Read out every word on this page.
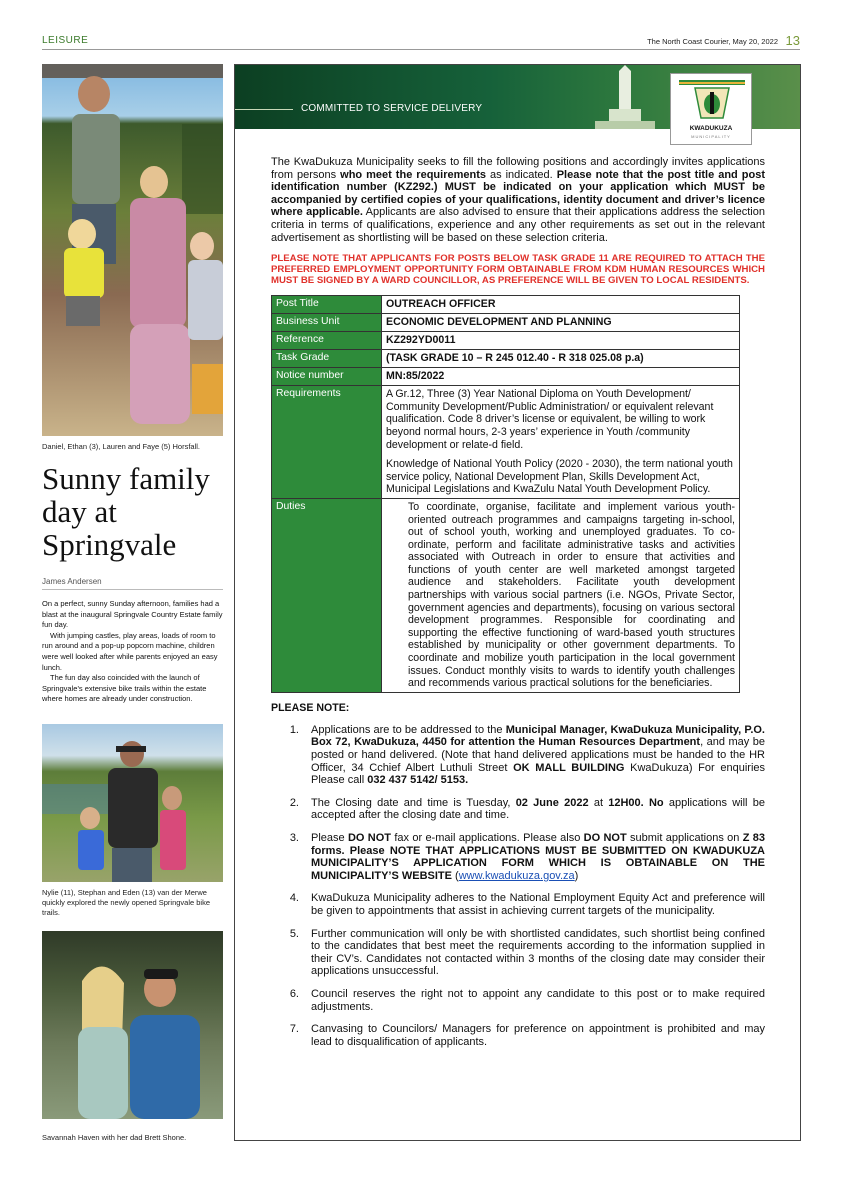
LEISURE	The North Coast Courier, May 20, 2022 13
Daniel, Ethan (3), Lauren and Faye (5) Horsfall.
Sunny family day at Springvale
James Andersen

On a perfect, sunny Sunday afternoon, families had a blast at the inaugural Springvale Country Estate family fun day.

With jumping castles, play areas, loads of room to run around and a pop-up popcorn machine, children were well looked after while parents enjoyed an easy lunch.

The fun day also coincided with the launch of Springvale's extensive bike trails within the estate where homes are already under construction.

Nylie (11), Stephan and Eden (13) van der Merwe quickly explored the newly opened Springvale bike trails.
Savannah Haven with her dad Brett Shone.
COMMITTED TO SERVICE DELIVERY
KWADUKUZA
MUNICIPALITY

The KwaDukuza Municipality seeks to fill the following positions and accordingly invites applications from persons who meet the requirements as indicated. Please note that the post title and post identification number (KZ292.) MUST be indicated on your application which MUST be accompanied by certified copies of your qualifications, identity document and driver’s licence where applicable. Applicants are also advised to ensure that their applications address the selection criteria in terms of qualifications, experience and any other requirements as set out in the relevant advertisement as shortlisting will be based on these selection criteria.

PLEASE NOTE THAT APPLICANTS FOR POSTS BELOW TASK GRADE 11 ARE REQUIRED TO ATTACH THE PREFERRED EMPLOYMENT OPPORTUNITY FORM OBTAINABLE FROM KDM HUMAN RESOURCES WHICH MUST BE SIGNED BY A WARD COUNCILLOR, AS PREFERENCE WILL BE GIVEN TO LOCAL RESIDENTS.

Post Title	OUTREACH OFFICER
Business Unit	ECONOMIC DEVELOPMENT AND PLANNING
Reference	KZ292YD0011
Task Grade	(TASK GRADE 10 – R 245 012.40 - R 318 025.08 p.a)
Notice number	MN:85/2022
Requirements	A Gr.12, Three (3) Year National Diploma on Youth Development/ Community Development/Public Administration/ or equivalent relevant qualification. Code 8 driver’s license or equivalent, be willing to work beyond normal hours, 2-3 years’ experience in Youth /community development or relate-d field.
Knowledge of National Youth Policy (2020 - 2030), the term national youth service policy, National Development Plan, Skills Development Act, Municipal Legislations and KwaZulu Natal Youth Development Policy.

Duties	To coordinate, organise, facilitate and implement various youth-oriented outreach programmes and campaigns targeting in-school, out of school youth, working and unemployed graduates. To co-ordinate, perform and facilitate administrative tasks and activities associated with Outreach in order to ensure that activities and functions of youth center are well marketed amongst targeted audience and stakeholders. Facilitate youth development partnerships with various social partners (i.e. NGOs, Private Sector, government agencies and departments), focusing on various sectoral development programmes. Responsible for coordinating and supporting the effective functioning of ward-based youth structures established by municipality or other government departments. To coordinate and mobilize youth participation in the local government issues. Conduct monthly visits to wards to identify youth challenges and recommends various practical solutions for the beneficiaries.
PLEASE NOTE:
1.	Applications are to be addressed to the Municipal Manager, KwaDukuza Municipality, P.O. Box 72, KwaDukuza, 4450 for attention the Human Resources Department, and may be posted or hand delivered. (Note that hand delivered applications must be handed to the HR Officer, 34 Cchief Albert Luthuli Street OK MALL BUILDING KwaDukuza) For enquiries Please call 032 437 5142/ 5153.
2.	The Closing date and time is Tuesday, 02 June 2022 at 12H00. No applications will be accepted after the closing date and time.
3.	Please DO NOT fax or e-mail applications. Please also DO NOT submit applications on Z 83 forms. Please NOTE THAT APPLICATIONS MUST BE SUBMITTED ON KWADUKUZA MUNICIPALITY’S APPLICATION FORM WHICH IS OBTAINABLE ON THE MUNICIPALITY’S WEBSITE (www.kwadukuza.gov.za)
4.	KwaDukuza Municipality adheres to the National Employment Equity Act and preference will be given to appointments that assist in achieving current targets of the municipality.
5.	Further communication will only be with shortlisted candidates, such shortlist being confined to the candidates that best meet the requirements according to the information supplied in their CV’s. Candidates not contacted within 3 months of the closing date may consider their applications unsuccessful.
6.	Council reserves the right not to appoint any candidate to this post or to make required adjustments.
7.	Canvasing to Councilors/ Managers for preference on appointment is prohibited and may lead to disqualification of applicants.
